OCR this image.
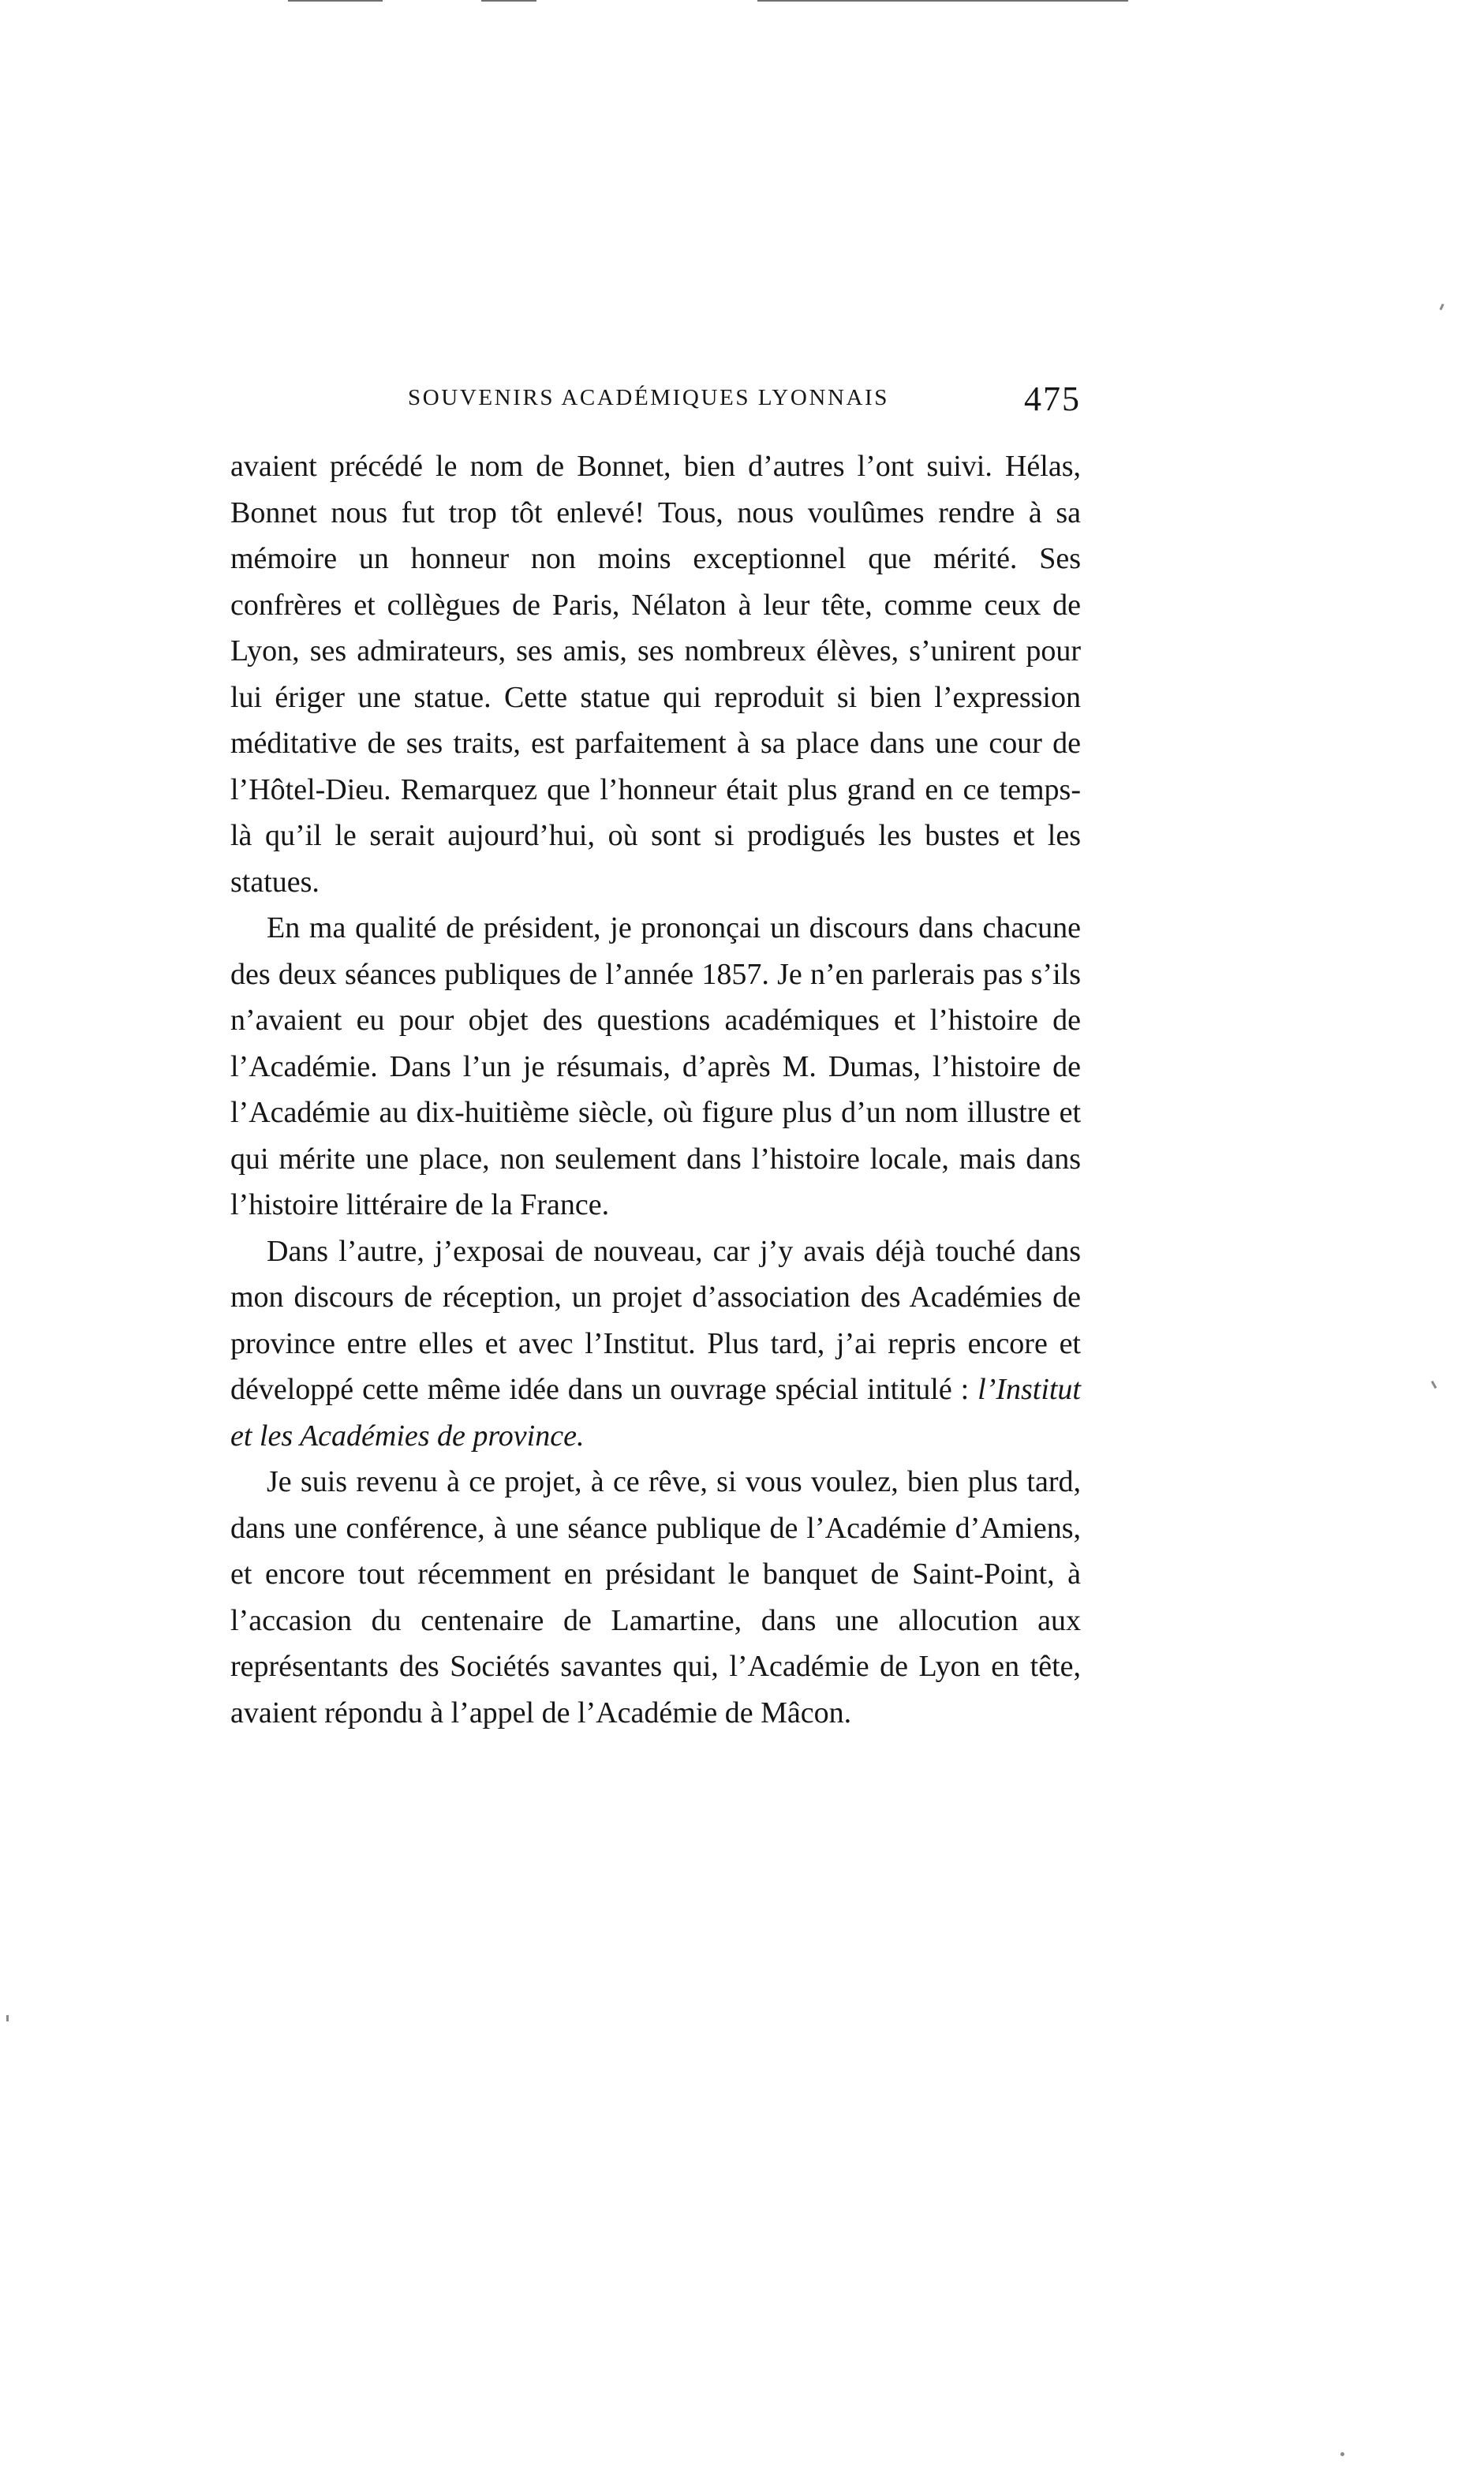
SOUVENIRS ACADÉMIQUES LYONNAIS	475

avaient précédé le nom de Bonnet, bien d’autres l’ont suivi. Hélas, Bonnet nous fut trop tôt enlevé! Tous, nous voulûmes rendre à sa mémoire un honneur non moins exceptionnel que mérité. Ses confrères et collègues de Paris, Nélaton à leur tête, comme ceux de Lyon, ses admirateurs, ses amis, ses nombreux élèves, s’unirent pour lui ériger une statue. Cette statue qui reproduit si bien l’expression méditative de ses traits, est parfaitement à sa place dans une cour de l’Hôtel-Dieu. Remarquez que l’honneur était plus grand en ce temps-là qu’il le serait aujourd’hui, où sont si prodigués les bustes et les statues.

En ma qualité de président, je prononçai un discours dans chacune des deux séances publiques de l’année 1857. Je n’en parlerais pas s’ils n’avaient eu pour objet des questions académiques et l’histoire de l’Académie. Dans l’un je résumais, d’après M. Dumas, l’histoire de l’Académie au dix-huitième siècle, où figure plus d’un nom illustre et qui mérite une place, non seulement dans l’histoire locale, mais dans l’histoire littéraire de la France.

Dans l’autre, j’exposai de nouveau, car j’y avais déjà touché dans mon discours de réception, un projet d’association des Académies de province entre elles et avec l’Institut. Plus tard, j’ai repris encore et développé cette même idée dans un ouvrage spécial intitulé : l’Institut et les Académies de province.

Je suis revenu à ce projet, à ce rêve, si vous voulez, bien plus tard, dans une conférence, à une séance publique de l’Académie d’Amiens, et encore tout récemment en présidant le banquet de Saint-Point, à l’accasion du centenaire de Lamartine, dans une allocution aux représentants des Sociétés savantes qui, l’Académie de Lyon en tête, avaient répondu à l’appel de l’Académie de Mâcon.
